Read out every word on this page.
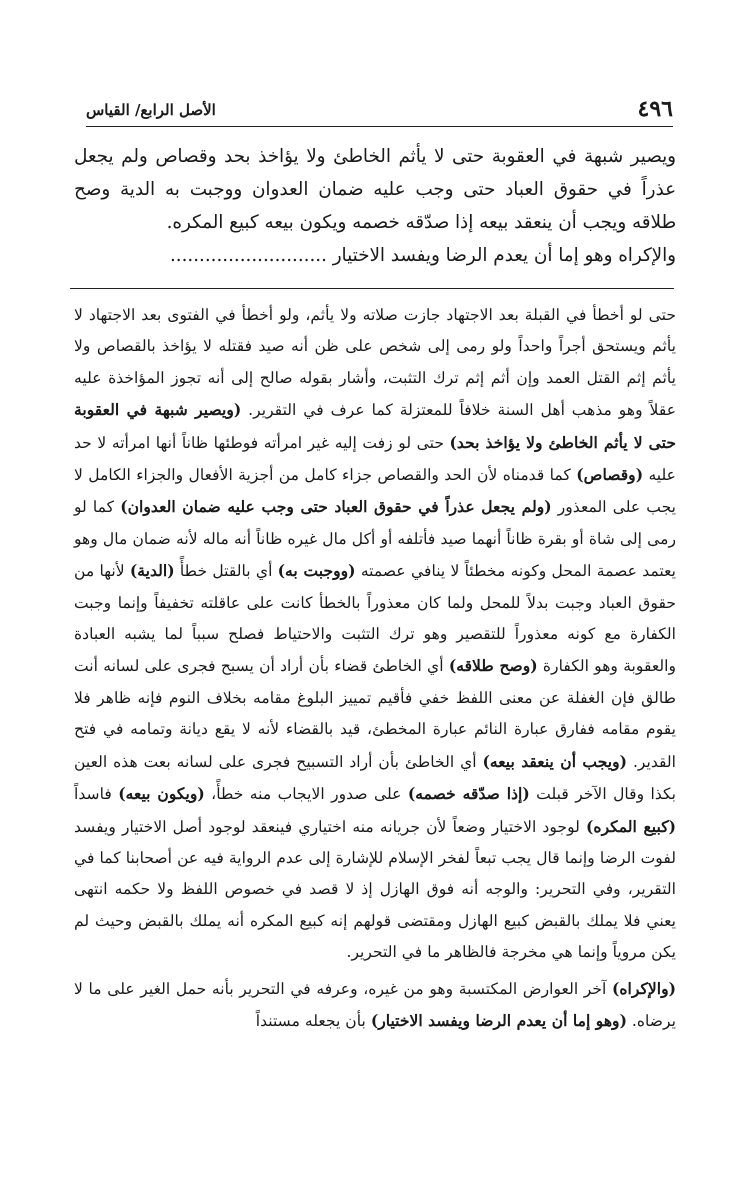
٤٩٦
الأصل الرابع/ القياس

ويصير شبهة في العقوبة حتى لا يأثم الخاطئ ولا يؤاخذ بحد وقصاص ولم يجعل عذراً في حقوق العباد حتى وجب عليه ضمان العدوان ووجبت به الدية وصح طلاقه ويجب أن ينعقد بيعه إذا صدّقه خصمه ويكون بيعه كبيع المكره.

والإكراه وهو إما أن يعدم الرضا ويفسد الاختيار ...........................

حتى لو أخطأ في القبلة بعد الاجتهاد جازت صلاته ولا يأثم، ولو أخطأ في الفتوى بعد الاجتهاد لا يأثم ويستحق أجراً واحداً ولو رمى إلى شخص على ظن أنه صيد فقتله لا يؤاخذ بالقصاص ولا يأثم إثم القتل العمد وإن أثم إثم ترك التثبت، وأشار بقوله صالح إلى أنه تجوز المؤاخذة عليه عقلاً وهو مذهب أهل السنة خلافاً للمعتزلة كما عرف في التقرير. (ويصير شبهة في العقوبة حتى لا يأثم الخاطئ ولا يؤاخذ بحد) حتى لو زفت إليه غير امرأته فوطئها ظاناً أنها امرأته لا حد عليه (وقصاص) كما قدمناه لأن الحد والقصاص جزاء كامل من أجزية الأفعال والجزاء الكامل لا يجب على المعذور (ولم يجعل عذراً في حقوق العباد حتى وجب عليه ضمان العدوان) كما لو رمى إلى شاة أو بقرة ظاناً أنهما صيد فأتلفه أو أكل مال غيره ظاناً أنه ماله لأنه ضمان مال وهو يعتمد عصمة المحل وكونه مخطئاً لا ينافي عصمته (ووجبت به) أي بالقتل خطأً (الدية) لأنها من حقوق العباد وجبت بدلاً للمحل ولما كان معذوراً بالخطأ كانت على عاقلته تخفيفاً وإنما وجبت الكفارة مع كونه معذوراً للتقصير وهو ترك التثبت والاحتياط فصلح سبباً لما يشبه العبادة والعقوبة وهو الكفارة (وصح طلاقه) أي الخاطئ قضاء بأن أراد أن يسبح فجرى على لسانه أنت طالق فإن الغفلة عن معنى اللفظ خفي فأقيم تمييز البلوغ مقامه بخلاف النوم فإنه ظاهر فلا يقوم مقامه ففارق عبارة النائم عبارة المخطئ، قيد بالقضاء لأنه لا يقع ديانة وتمامه في فتح القدير. (ويجب أن ينعقد بيعه) أي الخاطئ بأن أراد التسبيح فجرى على لسانه بعت هذه العين بكذا وقال الآخر قبلت (إذا صدّقه خصمه) على صدور الايجاب منه خطأً، (ويكون بيعه) فاسداً (كبيع المكره) لوجود الاختيار وضعاً لأن جريانه منه اختياري فينعقد لوجود أصل الاختيار ويفسد لفوت الرضا وإنما قال يجب تبعاً لفخر الإسلام للإشارة إلى عدم الرواية فيه عن أصحابنا كما في التقرير، وفي التحرير: والوجه أنه فوق الهازل إذ لا قصد في خصوص اللفظ ولا حكمه انتهى يعني فلا يملك بالقبض كبيع الهازل ومقتضى قولهم إنه كبيع المكره أنه يملك بالقبض وحيث لم يكن مروياً وإنما هي مخرجة فالظاهر ما في التحرير.

(والإكراه) آخر العوارض المكتسبة وهو من غيره، وعرفه في التحرير بأنه حمل الغير على ما لا يرضاه. (وهو إما أن يعدم الرضا ويفسد الاختيار) بأن يجعله مستنداً
